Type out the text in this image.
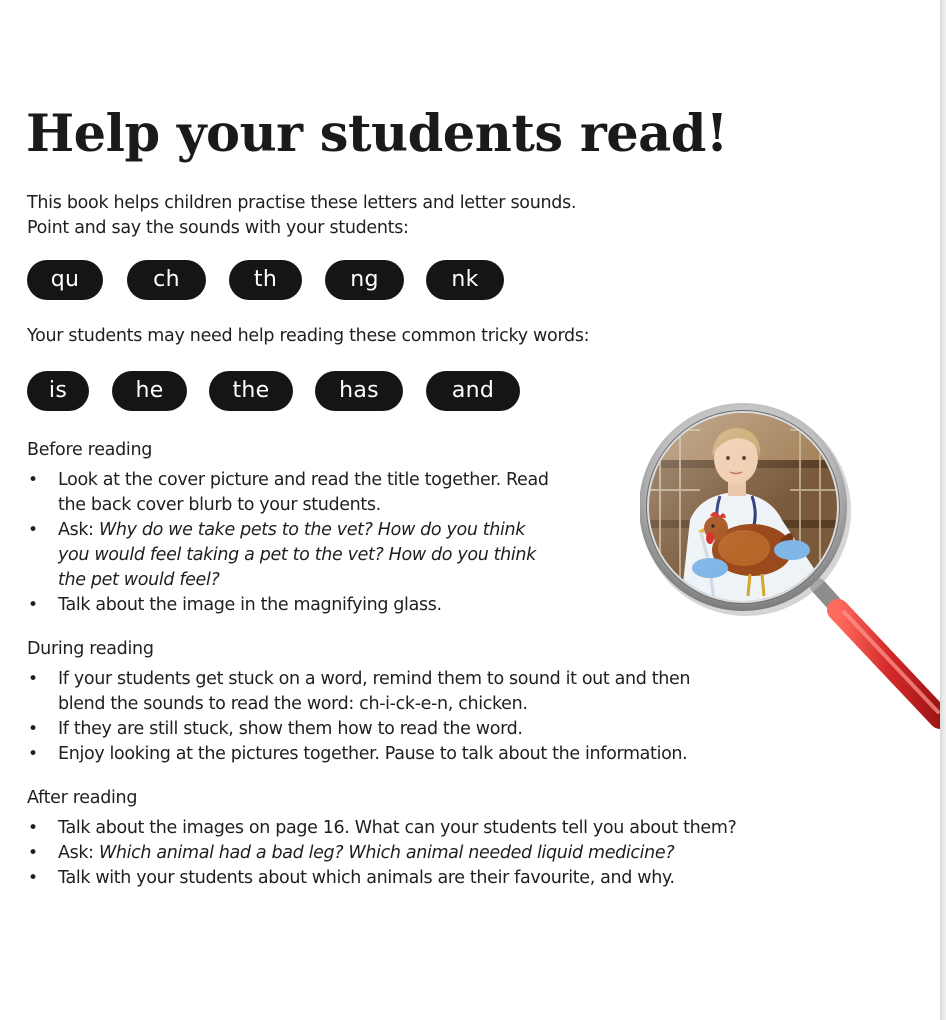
Help your students read!
This book helps children practise these letters and letter sounds.
Point and say the sounds with your students:
qu	ch	th	ng	nk
Your students may need help reading these common tricky words:
is	he	the	has	and
Before reading
• Look at the cover picture and read the title together. Read
the back cover blurb to your students.
• Ask: Why do we take pets to the vet? How do you think
you would feel taking a pet to the vet? How do you think
the pet would feel?
• Talk about the image in the magnifying glass.
During reading
• If your students get stuck on a word, remind them to sound it out and then
blend the sounds to read the word: ch-i-ck-e-n, chicken.
• If they are still stuck, show them how to read the word.
• Enjoy looking at the pictures together. Pause to talk about the information.
After reading
• Talk about the images on page 16. What can your students tell you about them?
• Ask: Which animal had a bad leg? Which animal needed liquid medicine?
• Talk with your students about which animals are their favourite, and why.
